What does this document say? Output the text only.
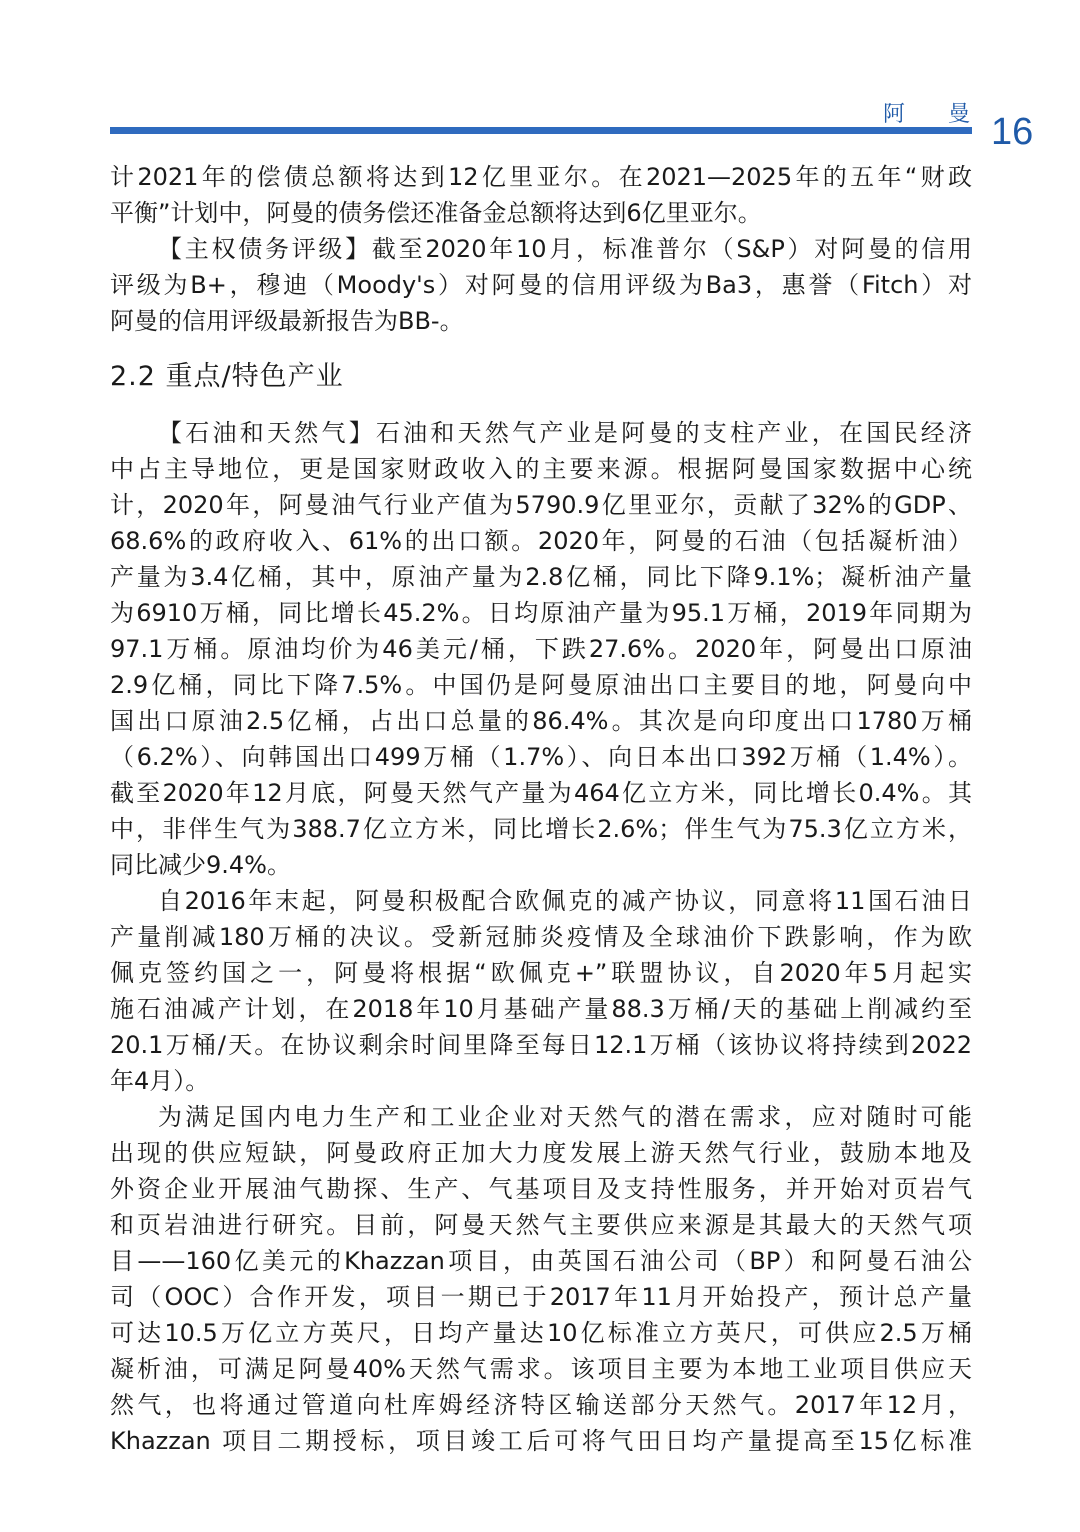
阿 曼 16

计2021年的偿债总额将达到12亿里亚尔。在2021—2025年的五年“财政

平衡”计划中，阿曼的债务偿还准备金总额将达到6亿里亚尔。

【主权债务评级】截至2020年10月，标准普尔（S&P）对阿曼的信用

评级为B+，穆迪（Moody's）对阿曼的信用评级为Ba3，惠誉（Fitch）对

阿曼的信用评级最新报告为BB-。

2.2 重点/特色产业

【石油和天然气】石油和天然气产业是阿曼的支柱产业，在国民经济

中占主导地位，更是国家财政收入的主要来源。根据阿曼国家数据中心统

计，2020年，阿曼油气行业产值为5790.9亿里亚尔，贡献了32%的GDP、

68.6%的政府收入、61%的出口额。2020年，阿曼的石油（包括凝析油）

产量为3.4亿桶，其中，原油产量为2.8亿桶，同比下降9.1%；凝析油产量

为6910万桶，同比增长45.2%。日均原油产量为95.1万桶，2019年同期为

97.1万桶。原油均价为46美元/桶，下跌27.6%。2020年，阿曼出口原油

2.9亿桶，同比下降7.5%。中国仍是阿曼原油出口主要目的地，阿曼向中

国出口原油2.5亿桶，占出口总量的86.4%。其次是向印度出口1780万桶

（6.2%）、向韩国出口499万桶（1.7%）、向日本出口392万桶（1.4%）。

截至2020年12月底，阿曼天然气产量为464亿立方米，同比增长0.4%。其

中，非伴生气为388.7亿立方米，同比增长2.6%；伴生气为75.3亿立方米，

同比减少9.4%。

自2016年末起，阿曼积极配合欧佩克的减产协议，同意将11国石油日

产量削减180万桶的决议。受新冠肺炎疫情及全球油价下跌影响，作为欧

佩克签约国之一，阿曼将根据“欧佩克+”联盟协议，自2020年5月起实

施石油减产计划，在2018年10月基础产量88.3万桶/天的基础上削减约至

20.1万桶/天。在协议剩余时间里降至每日12.1万桶（该协议将持续到2022

年4月）。

为满足国内电力生产和工业企业对天然气的潜在需求，应对随时可能

出现的供应短缺，阿曼政府正加大力度发展上游天然气行业，鼓励本地及

外资企业开展油气勘探、生产、气基项目及支持性服务，并开始对页岩气

和页岩油进行研究。目前，阿曼天然气主要供应来源是其最大的天然气项

目——160亿美元的Khazzan项目，由英国石油公司（BP）和阿曼石油公

司（OOC）合作开发，项目一期已于2017年11月开始投产，预计总产量

可达10.5万亿立方英尺，日均产量达10亿标准立方英尺，可供应2.5万桶

凝析油，可满足阿曼40%天然气需求。该项目主要为本地工业项目供应天

然气，也将通过管道向杜库姆经济特区输送部分天然气。2017年12月，

Khazzan 项目二期授标，项目竣工后可将气田日均产量提高至15亿标准
